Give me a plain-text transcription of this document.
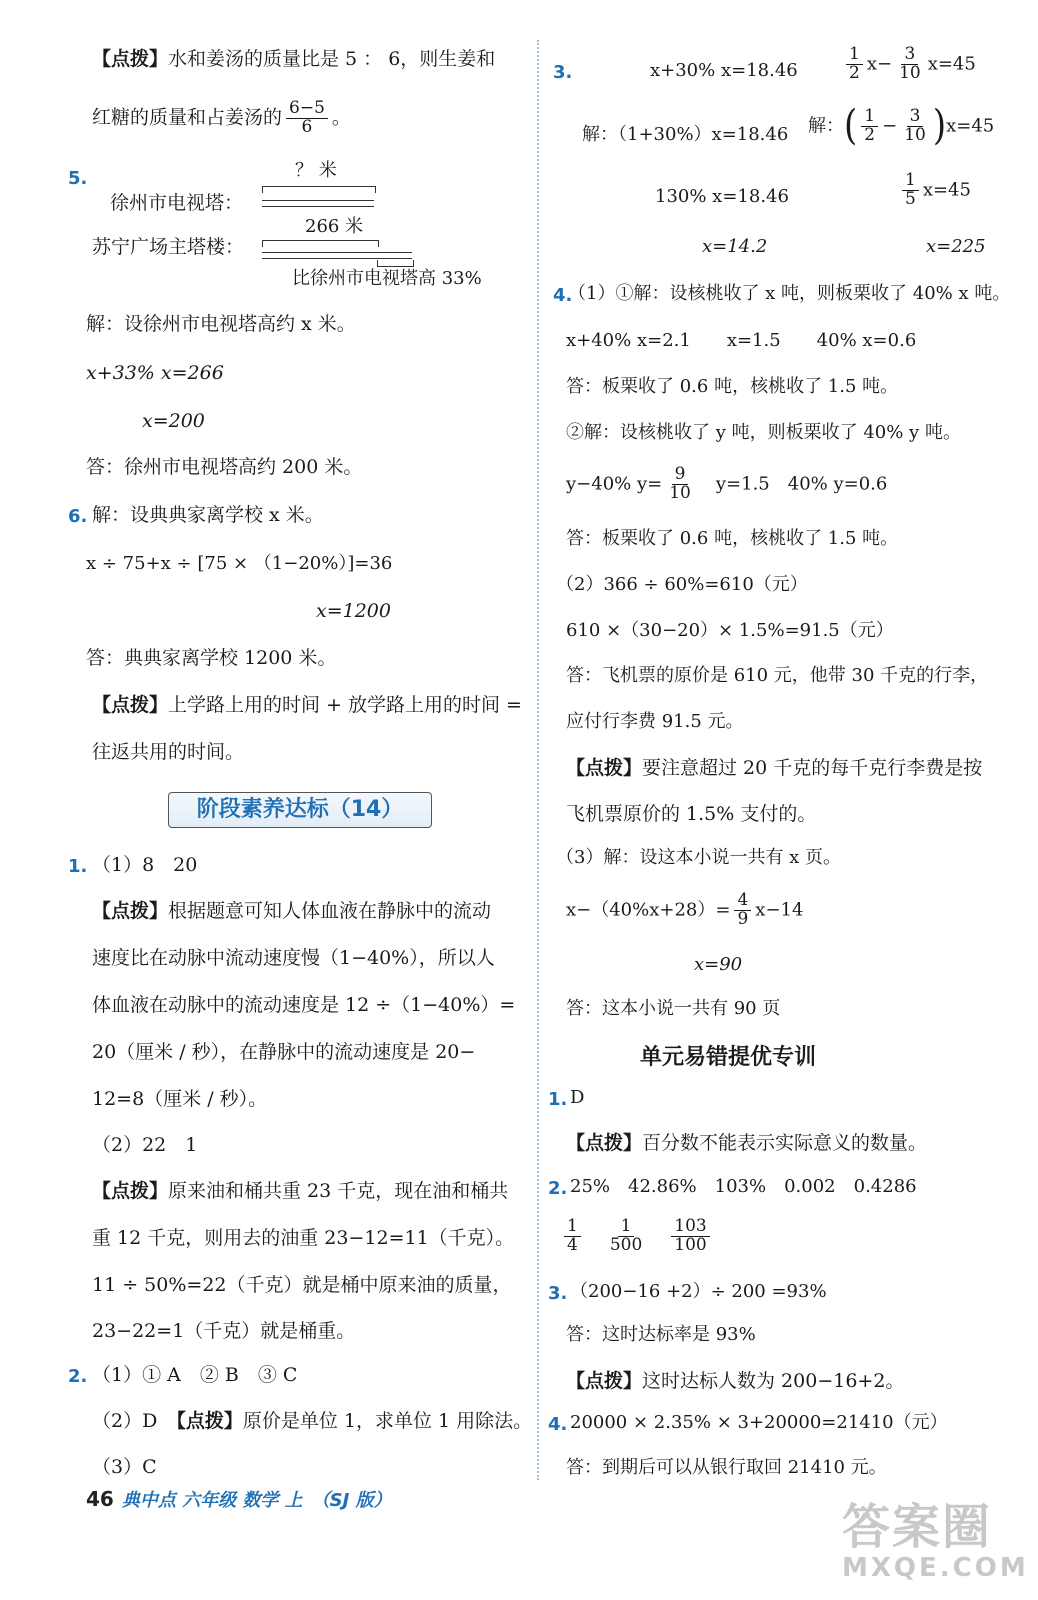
【点拨】水和姜汤的质量比是 5 ： 6，则生姜和
红糖的质量和占姜汤的 $\frac{6-5}{6}$ 。
5.	？ 米
徐州市电视塔：
266 米
苏宁广场主塔楼：
比徐州市电视塔高 33%
解：设徐州市电视塔高约 x 米。
x+33% x=266
x=200
答：徐州市电视塔高约 200 米。
6. 解：设典典家离学校 x 米。
x ÷ 75+x ÷ [75 × （1−20%）]=36
x=1200
答：典典家离学校 1200 米。
【点拨】上学路上用的时间 + 放学路上用的时间 =
往返共用的时间。
阶段素养达标（14）
1. （1）8　20
【点拨】根据题意可知人体血液在静脉中的流动
速度比在动脉中流动速度慢（1−40%），所以人
体血液在动脉中的流动速度是 12 ÷（1−40%）=
20（厘米 / 秒），在静脉中的流动速度是 20−
12=8（厘米 / 秒）。
（2）22　1
【点拨】原来油和桶共重 23 千克，现在油和桶共
重 12 千克，则用去的油重 23−12=11（千克）。
11 ÷ 50%=22（千克）就是桶中原来油的质量，
23−22=1（千克）就是桶重。
2. （1）① A　② B　③ C
（2）D　 【点拨】原价是单位 1，求单位 1 用除法。
（3）C
3.	x+30% x=18.46	$\frac{1}{2} x- \frac{3}{10} x=45$
解：（1+30%）x=18.46 解：( $\frac{1}{2} - \frac{3}{10} )x=45$
130% x=18.46	$\frac{1}{5} x=45$
x=14.2	x=225
4.
（1）①解：设核桃收了 x 吨，则板栗收了 40% x 吨。
x+40% x=2.1　　x=1.5　　40% x=0.6
答：板栗收了 0.6 吨，核桃收了 1.5 吨。
②解：设核桃收了 y 吨，则板栗收了 40% y 吨。
y−40% $y= \frac{9}{10}$ 　y=1.5　40% y=0.6
答：板栗收了 0.6 吨，核桃收了 1.5 吨。
（2）366 ÷ 60%=610（元）
610 ×（30−20）× 1.5%=91.5（元）
答：飞机票的原价是 610 元，他带 30 千克的行李，
应付行李费 91.5 元。
【点拨】要注意超过 20 千克的每千克行李费是按
飞机票原价的 1.5% 支付的。
（3）解：设这本小说一共有 x 页。
$x-(40\%x+28)= \frac{4}{9} x-14$
x=90
答：这本小说一共有 90 页
单元易错提优专训
1. D
【点拨】百分数不能表示实际意义的数量。
2. 25%　42.86%　103%　0.002　0.4286
$\frac{1}{4}$
　 $\frac{1}{500}$
　 $\frac{103}{100}$
3. （200−16 +2）÷ 200 =93%
答：这时达标率是 93%
【点拨】这时达标人数为 200−16+2。
4. 20000 × 2.35% × 3+20000=21410（元）
答：到期后可以从银行取回 21410 元。
46 典中点 六年级 数学 上　（SJ 版）	答案圈
MXQE.COM
